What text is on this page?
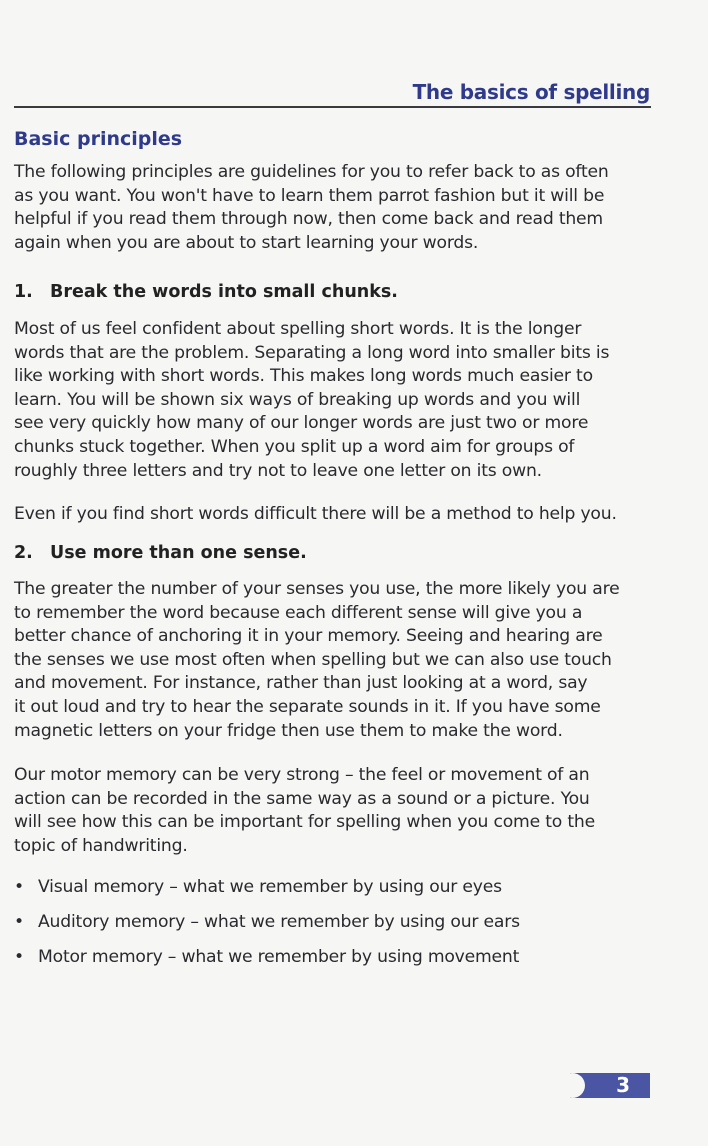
The basics of spelling
Basic principles
The following principles are guidelines for you to refer back to as often
as you want. You won't have to learn them parrot fashion but it will be
helpful if you read them through now, then come back and read them
again when you are about to start learning your words.
1. Break the words into small chunks.
Most of us feel confident about spelling short words. It is the longer
words that are the problem. Separating a long word into smaller bits is
like working with short words. This makes long words much easier to
learn. You will be shown six ways of breaking up words and you will
see very quickly how many of our longer words are just two or more
chunks stuck together. When you split up a word aim for groups of
roughly three letters and try not to leave one letter on its own.
Even if you find short words difficult there will be a method to help you.
2. Use more than one sense.
The greater the number of your senses you use, the more likely you are
to remember the word because each different sense will give you a
better chance of anchoring it in your memory. Seeing and hearing are
the senses we use most often when spelling but we can also use touch
and movement. For instance, rather than just looking at a word, say
it out loud and try to hear the separate sounds in it. If you have some
magnetic letters on your fridge then use them to make the word.
Our motor memory can be very strong – the feel or movement of an
action can be recorded in the same way as a sound or a picture. You
will see how this can be important for spelling when you come to the
topic of handwriting.
• Visual memory – what we remember by using our eyes
• Auditory memory – what we remember by using our ears
• Motor memory – what we remember by using movement
3
